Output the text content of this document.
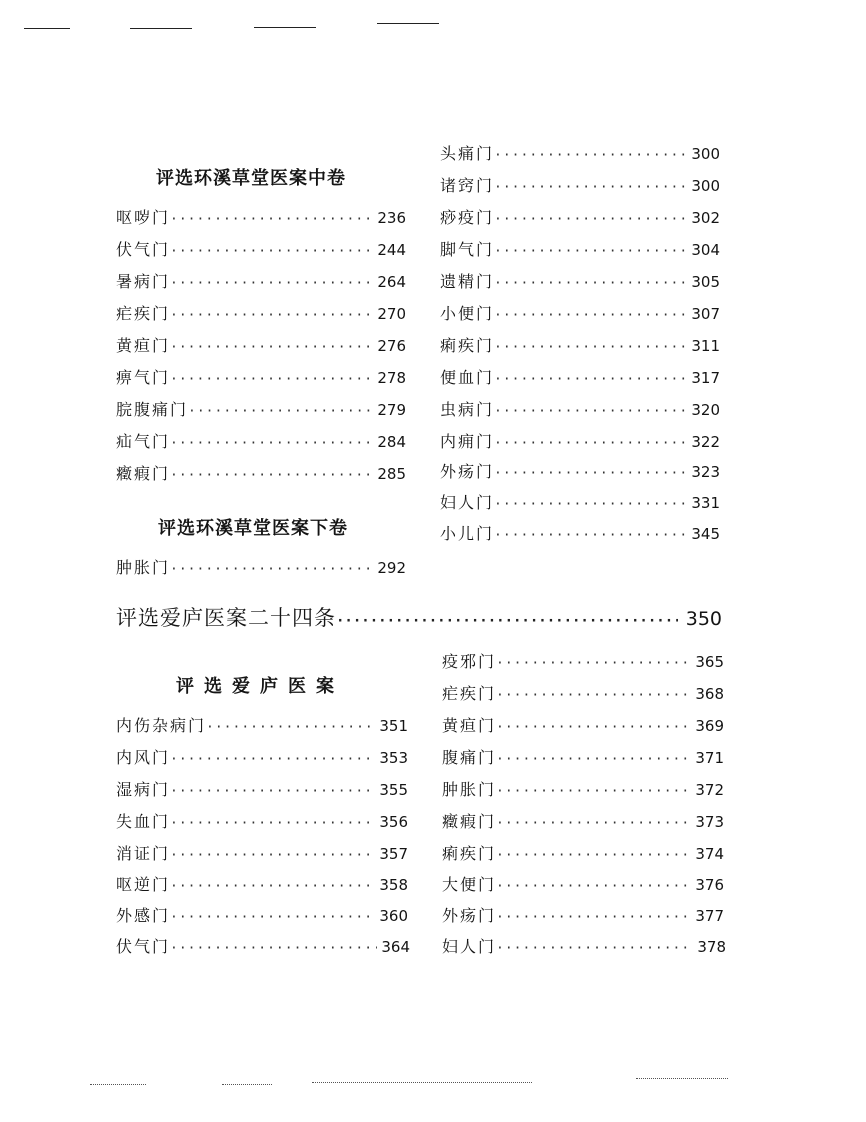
评选环溪草堂医案中卷
呕哕门 ·····	236
伏气门 ·····	244
暑病门 ·····	264
疟疾门 ·····	270
黄疸门 ·····	276
痹气门 ·····	278
脘腹痛门 ·····	279
疝气门 ·····	284
癥瘕门 ·····	285
评选环溪草堂医案下卷
肿胀门 ·····	292
头痛门 ·····	300
诸窍门 ·····	300
痧疫门 ·····	302
脚气门 ·····	304
遗精门 ·····	305
小便门 ·····	307
痢疾门 ·····	311
便血门 ·····	317
虫病门 ·····	320
内痈门 ·····	322
外疡门 ·····	323
妇人门 ·····	331
小儿门 ·····	345
评选爱庐医案二十四条 ·····	350
评选爱庐医案
内伤杂病门 ·····	351
内风门 ·····	353
湿病门 ·····	355
失血门 ·····	356
消证门 ·····	357
呕逆门 ·····	358
外感门 ·····	360
伏气门 ·····	364
疫邪门 ·····	365
疟疾门 ·····	368
黄疸门 ·····	369
腹痛门 ·····	371
肿胀门 ·····	372
癥瘕门 ·····	373
痢疾门 ·····	374
大便门 ·····	376
外疡门 ·····	377
妇人门 ·····	378
